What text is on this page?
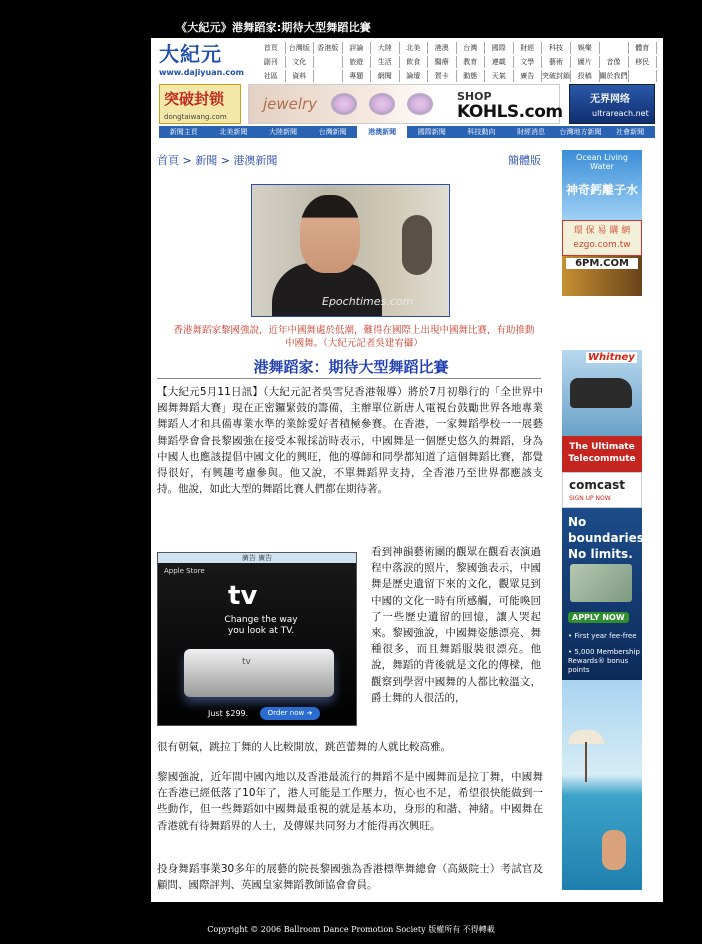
《大紀元》港舞蹈家:期待大型舞蹈比賽
大紀元
www.dajiyuan.com
首頁	台灣版	香港版	評論	大陸	北美	港澳	台灣	國際	財經	科技	娛樂	體育
副刊	文化	旅遊	生活	飲食	醫療	教育	連載	文學	藝術	圖片	音像	移民
社區	資料	專題	網聞	論壇	賀卡	動態	天氣	廣告	突破封鎖	投稿	關於我們
突破封锁
dongtaiwang.com
jewelry	SHOP
KOHLS.com
无界网络
ultrareach.net
新聞主頁	北美新聞	大陸新聞	台灣新聞	港澳新聞	國際新聞	科技動向	財經消息	台灣地方新聞	社會新聞
首頁 > 新聞 > 港澳新聞	簡體版
Epochtimes.com
香港舞蹈家黎國強說，近年中國舞處於低潮，難得在國際上出現中國舞比賽，有助推動中國舞。（大紀元記者吳建宥攝）
港舞蹈家：期待大型舞蹈比賽
【大紀元5月11日訊】（大紀元記者吳雪兒香港報導）將於7月初舉行的「全世界中國舞舞蹈大賽」現在正密鑼緊鼓的籌備，主辦單位新唐人電視台鼓勵世界各地專業舞蹈人才和具備專業水準的業餘愛好者積極參賽。在香港，一家舞蹈學校一一展藝舞蹈學會會長黎國強在接受本報採訪時表示，中國舞是一個歷史悠久的舞蹈，身為中國人也應該提倡中國文化的興旺，他的導師和同學都知道了這個舞蹈比賽，都覺得很好，有興趣考慮參與。他又說，不單舞蹈界支持，全香港乃至世界都應該支持。他說，如此大型的舞蹈比賽人們都在期待著。
廣告 廣告
Apple Store
tv
Change the way you look at TV.
tv
Just $299.	Order now ➔
看到神韻藝術團的觀眾在觀看表演過程中落淚的照片，黎國強表示，中國舞是歷史遺留下來的文化，觀眾見到中國的文化一時有所感觸，可能喚回了一些歷史遺留的回憶，讓人哭起來。黎國強說，中國舞姿態漂亮、舞種很多，而且舞蹈服裝很漂亮。他說，舞蹈的背後就是文化的傳樑，他觀察到學習中國舞的人都比較溫文，爵士舞的人很活的，
很有朝氣，跳拉丁舞的人比較開放，跳芭蕾舞的人就比較高雅。
黎國強說，近年間中國內地以及香港最流行的舞蹈不是中國舞而是拉丁舞，中國舞在香港已經低落了10年了，港人可能是工作壓力，恆心也不足，希望很快能做到一些動作，但一些舞蹈如中國舞最重視的就是基本功，身形的和諧、神緒。中國舞在香港就有待舞蹈界的人士，及傳媒共同努力才能得再次興旺。
投身舞蹈事業30多年的展藝的院長黎國強為香港標準舞總會（高級院士）考試官及顧問、國際評判、英國皇家舞蹈教師協會會員。
Ocean Living Water
神奇鈣離子水
環 保 易 購 網
ezgo.com.tw
6PM.COM
Whitney
The Ultimate Telecommute
comcast
SIGN UP NOW.
No boundaries. No limits.
APPLY NOW
• First year fee-free
• 5,000 Membership Rewards® bonus points
Copyright © 2006 Ballroom Dance Promotion Society 版權所有 不得轉載
